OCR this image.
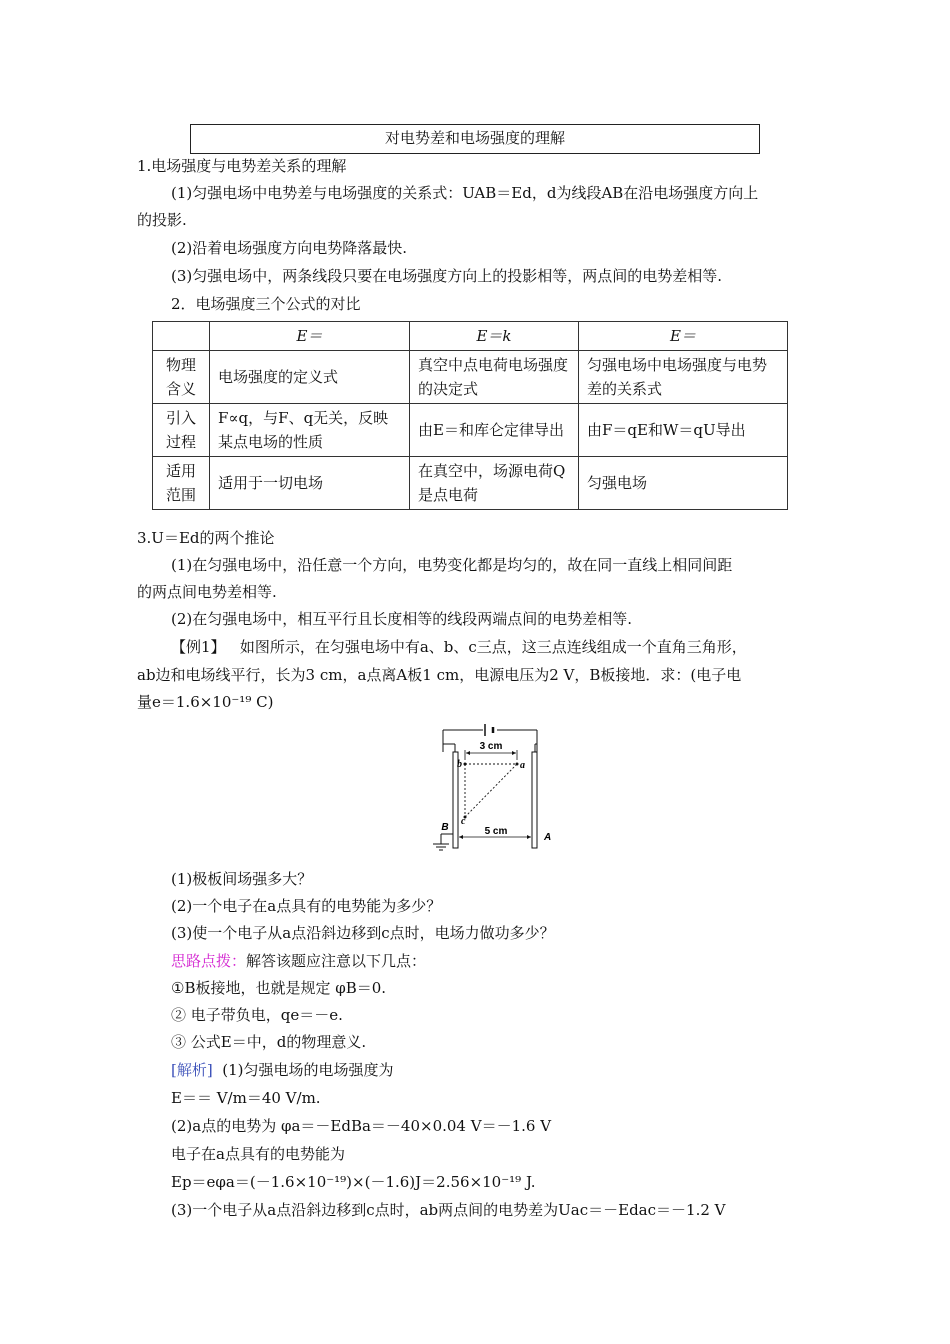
对电势差和电场强度的理解
1.电场强度与电势差关系的理解
(1)匀强电场中电势差与电场强度的关系式：UAB＝Ed，d为线段AB在沿电场强度方向上
的投影.
(2)沿着电场强度方向电势降落最快.
(3)匀强电场中，两条线段只要在电场强度方向上的投影相等，两点间的电势差相等.
2．电场强度三个公式的对比
	E＝	E＝k	E＝
物理
含义	电场强度的定义式	真空中点电荷电场强度的决定式	匀强电场中电场强度与电势差的关系式
引入
过程	F∝q，与F、q无关，反映某点电场的性质	由E＝和库仑定律导出	由F＝qE和W＝qU导出
适用
范围	适用于一切电场	在真空中，场源电荷Q是点电荷	匀强电场
3.U＝Ed的两个推论
(1)在匀强电场中，沿任意一个方向，电势变化都是均匀的，故在同一直线上相同间距
的两点间电势差相等.
(2)在匀强电场中，相互平行且长度相等的线段两端点间的电势差相等.
【例1】 如图所示，在匀强电场中有a、b、c三点，这三点连线组成一个直角三角形，
ab边和电场线平行，长为3 cm，a点离A板1 cm，电源电压为2 V，B板接地．求：(电子电
量e＝1.6×10⁻¹⁹ C)
3 cm
b	a
c
5 cm
B
A
(1)极板间场强多大？
(2)一个电子在a点具有的电势能为多少？
(3)使一个电子从a点沿斜边移到c点时，电场力做功多少？
思路点拨：解答该题应注意以下几点：
①B板接地，也就是规定 φB＝0.
② 电子带负电，qe＝－e.
③ 公式E＝中，d的物理意义.
[解析] (1)匀强电场的电场强度为
E＝＝ V/m＝40 V/m.
(2)a点的电势为 φa＝－EdBa＝－40×0.04 V＝－1.6 V
电子在a点具有的电势能为
Ep＝eφa＝(－1.6×10⁻¹⁹)×(－1.6)J＝2.56×10⁻¹⁹ J.
(3)一个电子从a点沿斜边移到c点时，ab两点间的电势差为Uac＝－Edac＝－1.2 V
